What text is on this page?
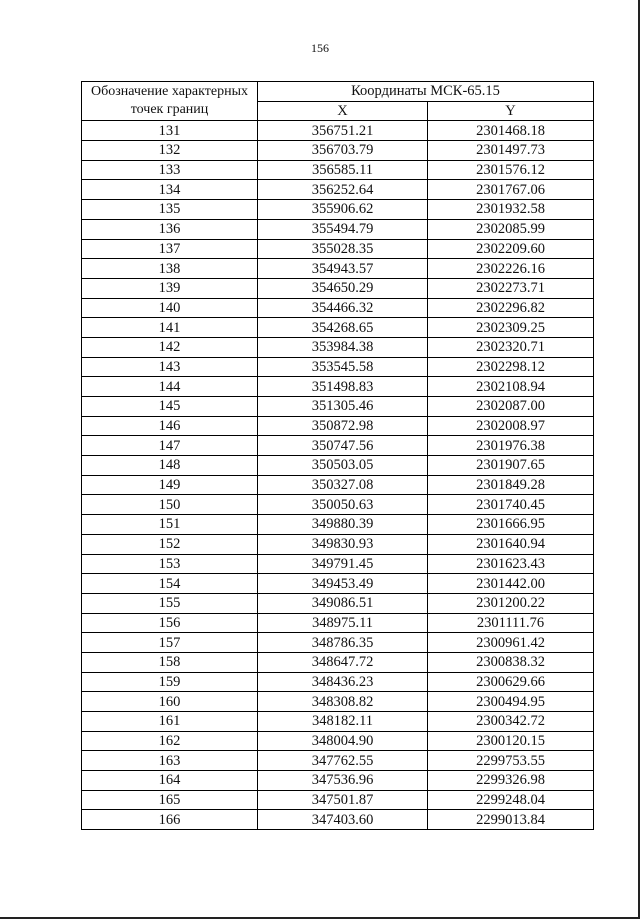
156
Обозначение характерных
точек границ	Координаты МСК-65.15	
	X	Y
131	356751.21	2301468.18
132	356703.79	2301497.73
133	356585.11	2301576.12
134	356252.64	2301767.06
135	355906.62	2301932.58
136	355494.79	2302085.99
137	355028.35	2302209.60
138	354943.57	2302226.16
139	354650.29	2302273.71
140	354466.32	2302296.82
141	354268.65	2302309.25
142	353984.38	2302320.71
143	353545.58	2302298.12
144	351498.83	2302108.94
145	351305.46	2302087.00
146	350872.98	2302008.97
147	350747.56	2301976.38
148	350503.05	2301907.65
149	350327.08	2301849.28
150	350050.63	2301740.45
151	349880.39	2301666.95
152	349830.93	2301640.94
153	349791.45	2301623.43
154	349453.49	2301442.00
155	349086.51	2301200.22
156	348975.11	2301111.76
157	348786.35	2300961.42
158	348647.72	2300838.32
159	348436.23	2300629.66
160	348308.82	2300494.95
161	348182.11	2300342.72
162	348004.90	2300120.15
163	347762.55	2299753.55
164	347536.96	2299326.98
165	347501.87	2299248.04
166	347403.60	2299013.84
